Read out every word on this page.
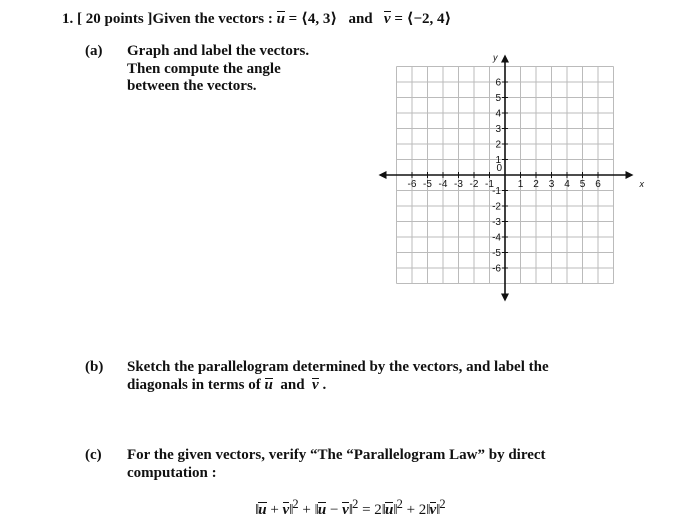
1. [ 20 points ]Given the vectors : u = ⟨4, 3⟩ and v = ⟨−2, 4⟩
(a) Graph and label the vectors.
Then compute the angle
between the vectors.
-6 -5 -4 -3 -2 -1 1 2 3 4 5 6
6
5
4
3
2
1
-1
-2
-3
-4
-5
-6
0
x
y
(b) Sketch the parallelogram determined by the vectors, and label the
diagonals in terms of u and v .
(c) For the given vectors, verify “The “Parallelogram Law” by direct
computation :
‖u + v‖$^2$ + ‖u − v‖$^2$ = 2‖u‖$^2$ + 2‖v‖$^2$
